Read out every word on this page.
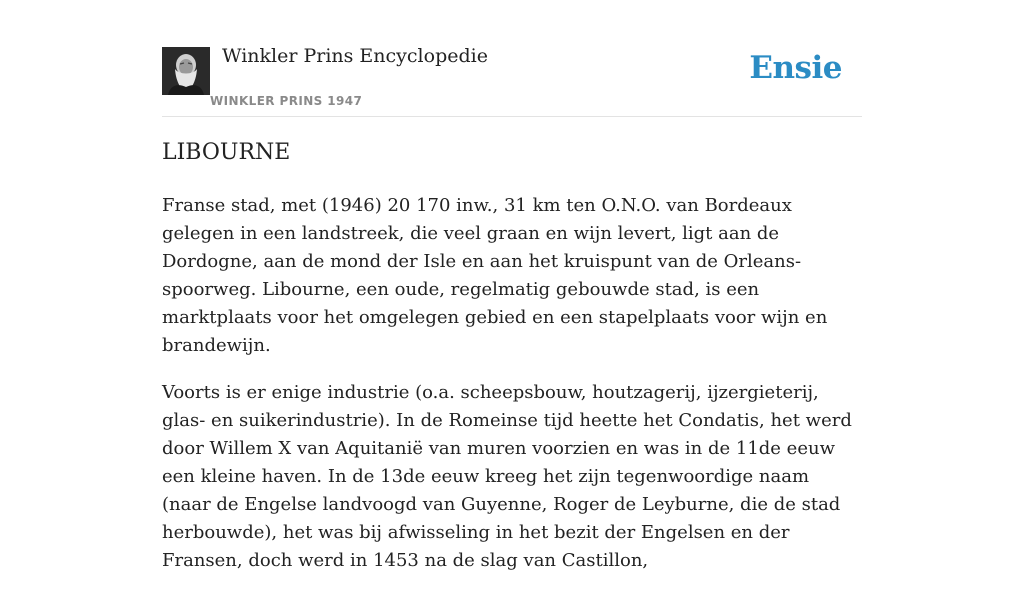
Winkler Prins Encyclopedie
WINKLER PRINS 1947
Ensie
LIBOURNE

Franse stad, met (1946) 20 170 inw., 31 km ten O.N.O. van Bordeaux gelegen in een landstreek, die veel graan en wijn levert, ligt aan de Dordogne, aan de mond der Isle en aan het kruispunt van de Orleans-spoorweg. Libourne, een oude, regelmatig gebouwde stad, is een marktplaats voor het omgelegen gebied en een stapelplaats voor wijn en brandewijn.

Voorts is er enige industrie (o.a. scheepsbouw, houtzagerij, ijzergieterij, glas- en suikerindustrie). In de Romeinse tijd heette het Condatis, het werd door Willem X van Aquitanië van muren voorzien en was in de 11de eeuw een kleine haven. In de 13de eeuw kreeg het zijn tegenwoordige naam (naar de Engelse landvoogd van Guyenne, Roger de Leyburne, die de stad herbouwde), het was bij afwisseling in het bezit der Engelsen en der Fransen, doch werd in 1453 na de slag van Castillon,
